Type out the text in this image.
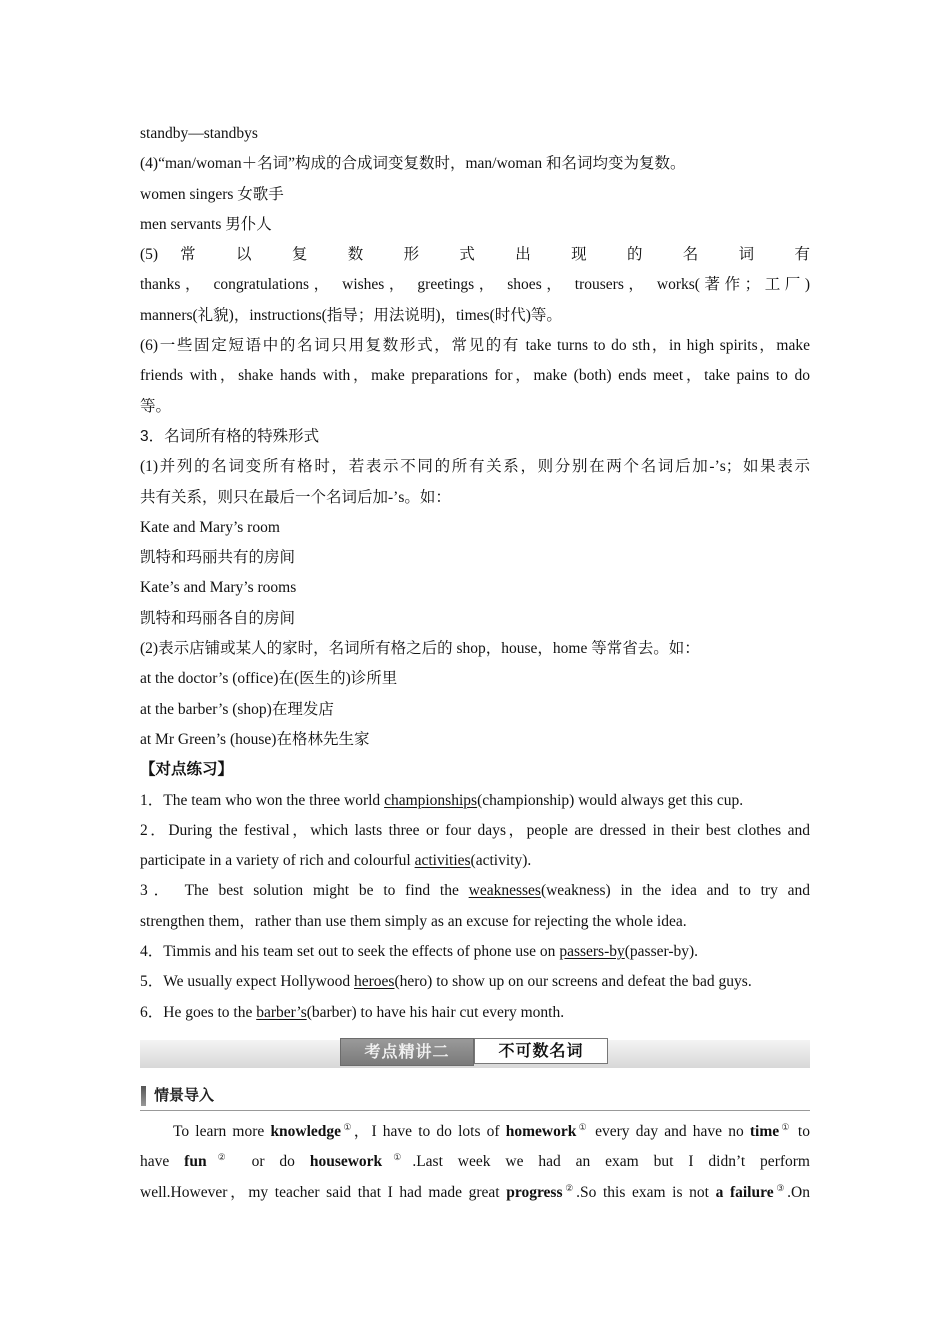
standby—standbys
(4)“man/woman＋名词”构成的合成词变复数时，man/woman 和名词均变为复数。
women singers 女歌手
men servants 男仆人
(5) 常 以 复 数 形 式 出 现 的 名 词 有
thanks， congratulations， wishes， greetings， shoes， trousers， works(著作；工厂)
manners(礼貌)，instructions(指导；用法说明)，times(时代)等。
(6)一些固定短语中的名词只用复数形式，常见的有 take turns to do sth，in high spirits，make
friends with，shake hands with，make preparations for，make (both) ends meet，take pains to do
等。
3．名词所有格的特殊形式
(1)并列的名词变所有格时，若表示不同的所有关系，则分别在两个名词后加-’s；如果表示
共有关系，则只在最后一个名词后加-’s。如：
Kate and Mary’s room
凯特和玛丽共有的房间
Kate’s and Mary’s rooms
凯特和玛丽各自的房间
(2)表示店铺或某人的家时，名词所有格之后的 shop，house，home 等常省去。如：
at the doctor’s (office)在(医生的)诊所里
at the barber’s (shop)在理发店
at Mr Green’s (house)在格林先生家
【对点练习】
1．The team who won the three world championships(championship) would always get this cup.
2．During the festival，which lasts three or four days，people are dressed in their best clothes and
participate in a variety of rich and colourful activities(activity).
3． The best solution might be to find the weaknesses(weakness) in the idea and to try and
strengthen them，rather than use them simply as an excuse for rejecting the whole idea.
4．Timmis and his team set out to seek the effects of phone use on passers-by(passer-by).
5．We usually expect Hollywood heroes(hero) to show up on our screens and defeat the bad guys.
6．He goes to the barber’s(barber) to have his hair cut every month.
考点精讲二	不可数名词
情景导入
To learn more knowledge①，I have to do lots of homework① every day and have no time① to
have fun② or do housework①.Last week we had an exam but I didn’t perform
well.However，my teacher said that I had made great progress②.So this exam is not a failure③.On
